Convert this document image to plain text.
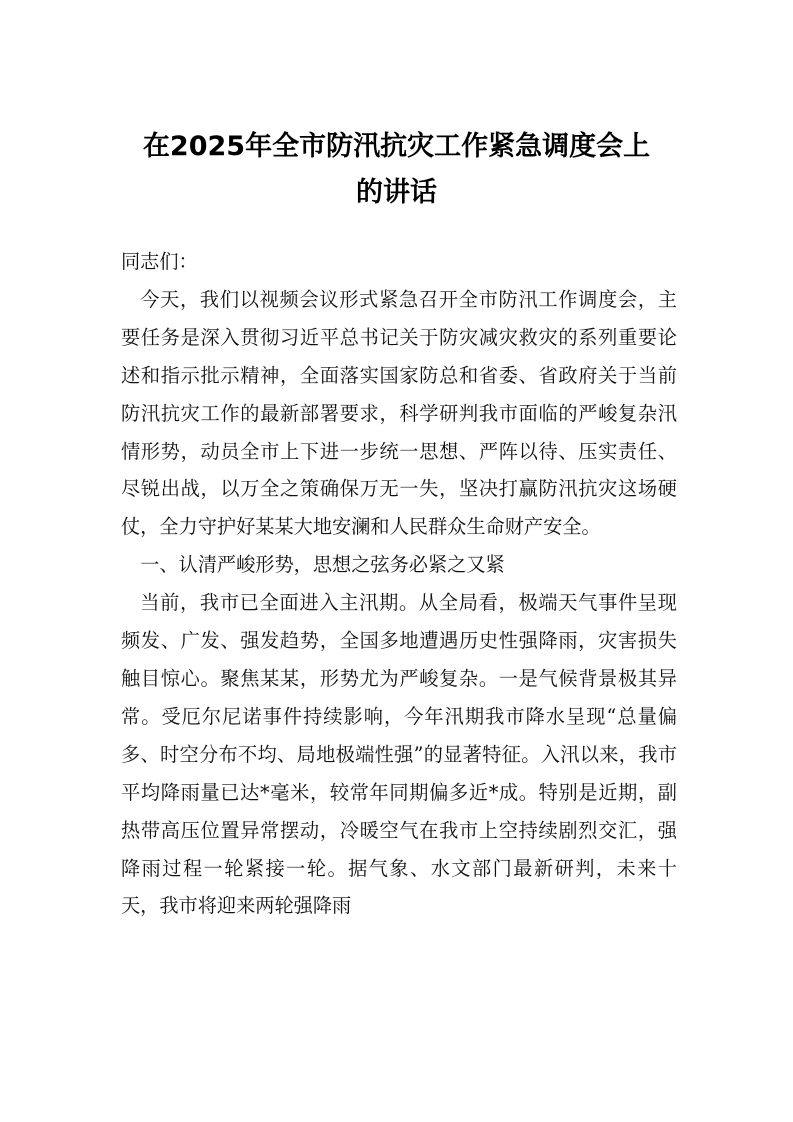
在2025年全市防汛抗灾工作紧急调度会上
的讲话

同志们：

今天，我们以视频会议形式紧急召开全市防汛工作调度会，主要任务是深入贯彻习近平总书记关于防灾减灾救灾的系列重要论述和指示批示精神，全面落实国家防总和省委、省政府关于当前防汛抗灾工作的最新部署要求，科学研判我市面临的严峻复杂汛情形势，动员全市上下进一步统一思想、严阵以待、压实责任、尽锐出战，以万全之策确保万无一失，坚决打赢防汛抗灾这场硬仗，全力守护好某某大地安澜和人民群众生命财产安全。

一、认清严峻形势，思想之弦务必紧之又紧

当前，我市已全面进入主汛期。从全局看，极端天气事件呈现频发、广发、强发趋势，全国多地遭遇历史性强降雨，灾害损失触目惊心。聚焦某某，形势尤为严峻复杂。一是气候背景极其异常。受厄尔尼诺事件持续影响，今年汛期我市降水呈现“总量偏多、时空分布不均、局地极端性强”的显著特征。入汛以来，我市平均降雨量已达*毫米，较常年同期偏多近*成。特别是近期，副热带高压位置异常摆动，冷暖空气在我市上空持续剧烈交汇，强降雨过程一轮紧接一轮。据气象、水文部门最新研判，未来十天，我市将迎来两轮强降雨
